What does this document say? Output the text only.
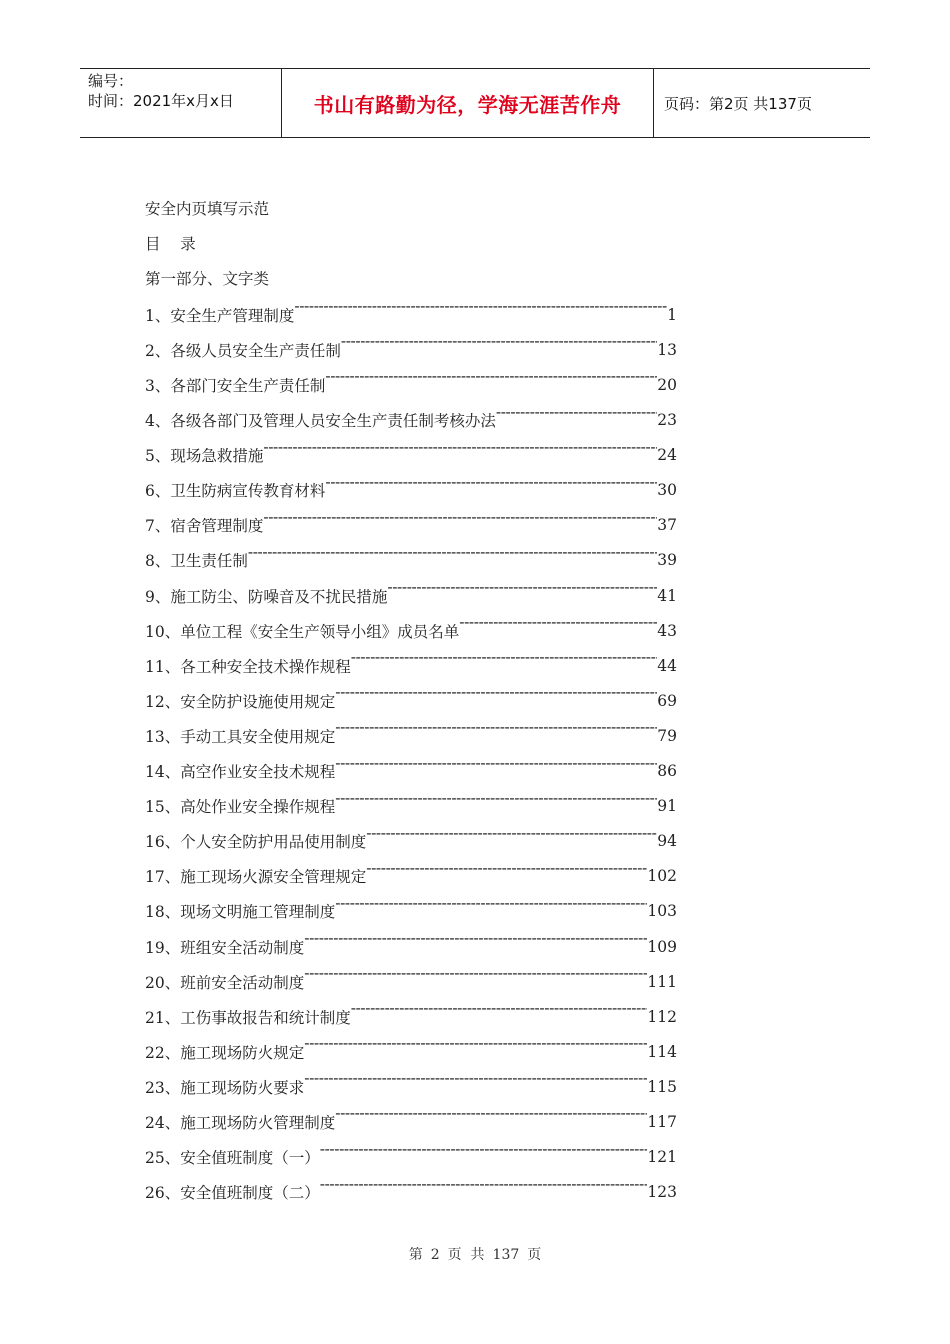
编号：
时间：2021年x月x日	书山有路勤为径，学海无涯苦作舟	页码：第2页 共137页
安全内页填写示范
目    录
第一部分、文字类
1、安全生产管理制度 -----	1
2、各级人员安全生产责任制 -----	13
3、各部门安全生产责任制 -----	20
4、各级各部门及管理人员安全生产责任制考核办法 -----	23
5、现场急救措施 -----	24
6、卫生防病宣传教育材料 -----	30
7、宿舍管理制度 -----	37
8、卫生责任制 -----	39
9、施工防尘、防噪音及不扰民措施 -----	41
10、单位工程《安全生产领导小组》成员名单 -----	43
11、各工种安全技术操作规程 -----	44
12、安全防护设施使用规定 -----	69
13、手动工具安全使用规定 -----	79
14、高空作业安全技术规程 -----	86
15、高处作业安全操作规程 -----	91
16、个人安全防护用品使用制度 -----	94
17、施工现场火源安全管理规定 -----	102
18、现场文明施工管理制度 -----	103
19、班组安全活动制度 -----	109
20、班前安全活动制度 -----	111
21、工伤事故报告和统计制度 -----	112
22、施工现场防火规定 -----	114
23、施工现场防火要求 -----	115
24、施工现场防火管理制度 -----	117
25、安全值班制度（一） -----	121
26、安全值班制度（二） -----	123
第 2 页  共 137 页
